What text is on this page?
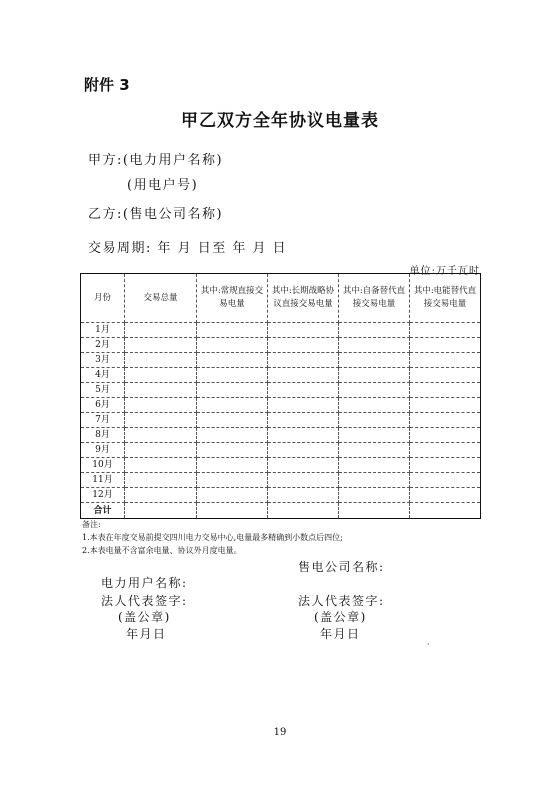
附件 3
甲乙双方全年协议电量表
甲方:(电力用户名称)
(用电户号)
乙方:(售电公司名称)
交易周期: 年 月 日至 年 月 日
单位:万千瓦时
月份	交易总量	其中:常规直接交易电量	其中:长期战略协议直接交易电量	其中:自备替代直接交易电量	其中:电能替代直接交易电量
1月					
2月					
3月					
4月					
5月					
6月					
7月					
8月					
9月					
10月					
11月					
12月					
合计					
备注:
1.本表在年度交易前提交四川电力交易中心,电量最多精确到小数点后四位;
2.本表电量不含富余电量、协议外月度电量。
售电公司名称:
电力用户名称:
法人代表签字:	法人代表签字:
(盖公章)	(盖公章)
年月日	年月日
·
19
